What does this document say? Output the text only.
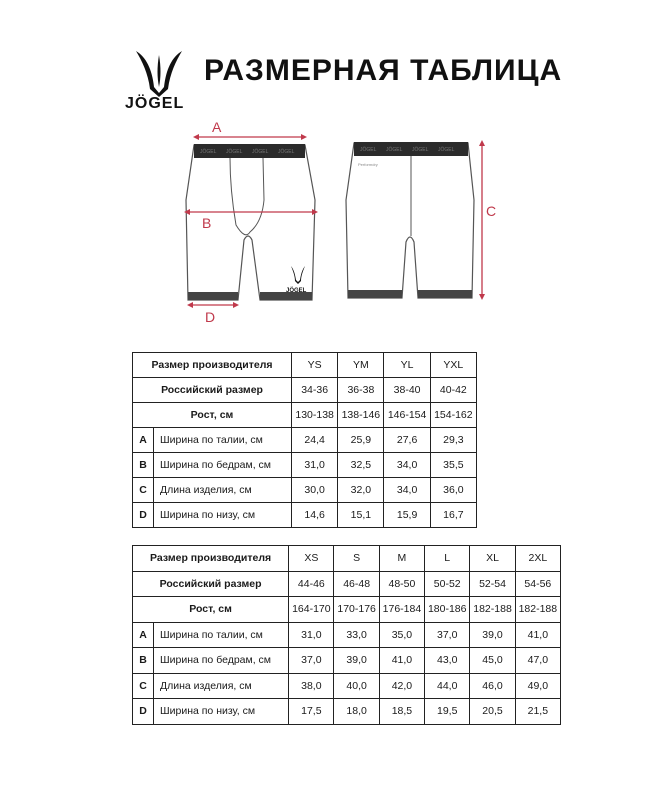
JÖGEL
РАЗМЕРНАЯ ТАБЛИЦА
JÖGEL JÖGEL JÖGEL JÖGEL
JÖGEL
A
B
D
JÖGEL JÖGEL JÖGEL JÖGEL
Performdry
C
Размер производителя		YS	YM	YL	YXL
Российский размер		34-36	36-38	38-40	40-42
Рост, см		130-138	138-146	146-154	154-162
A	Ширина по талии, см	24,4	25,9	27,6	29,3
B	Ширина по бедрам, см	31,0	32,5	34,0	35,5
C	Длина изделия, см	30,0	32,0	34,0	36,0
D	Ширина по низу, см	14,6	15,1	15,9	16,7
Размер производителя		XS	S	M	L	XL	2XL
Российский размер		44-46	46-48	48-50	50-52	52-54	54-56
Рост, см		164-170	170-176	176-184	180-186	182-188	182-188
A	Ширина по талии, см	31,0	33,0	35,0	37,0	39,0	41,0
B	Ширина по бедрам, см	37,0	39,0	41,0	43,0	45,0	47,0
C	Длина изделия, см	38,0	40,0	42,0	44,0	46,0	49,0
D	Ширина по низу, см	17,5	18,0	18,5	19,5	20,5	21,5
